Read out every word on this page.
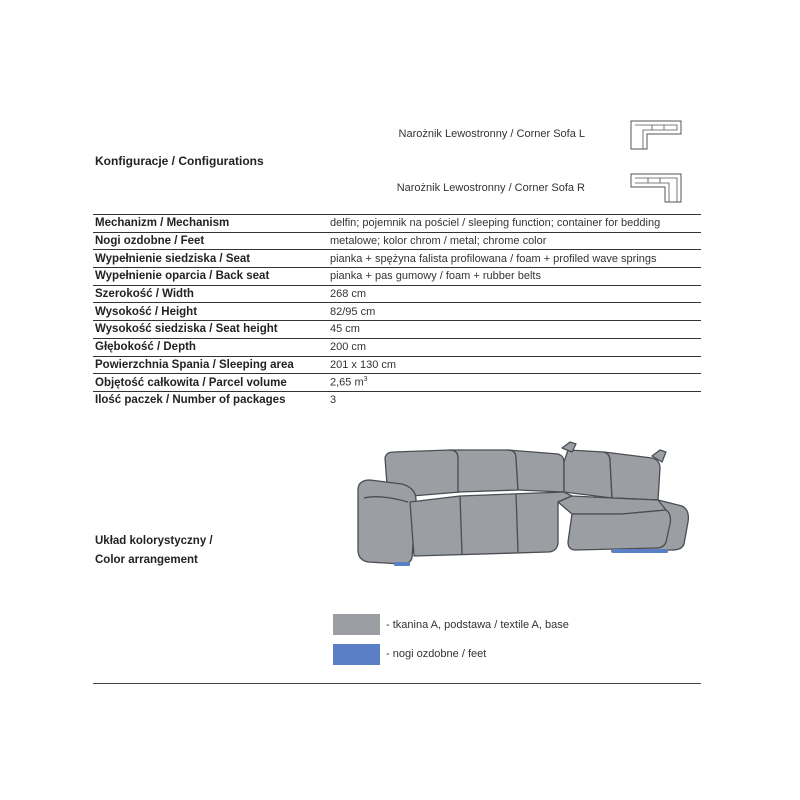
Konfiguracje / Configurations
Narożnik Lewostronny / Corner Sofa L
Narożnik Lewostronny / Corner Sofa R
Mechanizm / Mechanism	delfin; pojemnik na pościel / sleeping function; container for bedding
Nogi ozdobne / Feet	metalowe; kolor chrom / metal; chrome color
Wypełnienie siedziska / Seat	pianka + spężyna falista profilowana / foam + profiled wave springs
Wypełnienie oparcia / Back seat	pianka + pas gumowy / foam + rubber belts
Szerokość / Width	268 cm
Wysokość / Height	82/95 cm
Wysokość siedziska / Seat height	45 cm
Głębokość / Depth	200 cm
Powierzchnia Spania / Sleeping area	201 x 130 cm
Objętość całkowita / Parcel volume	2,65 $m^3$
Ilość paczek / Number of packages	3
Układ kolorystyczny /
Color arrangement
- tkanina A, podstawa / textile A, base
- nogi ozdobne / feet
